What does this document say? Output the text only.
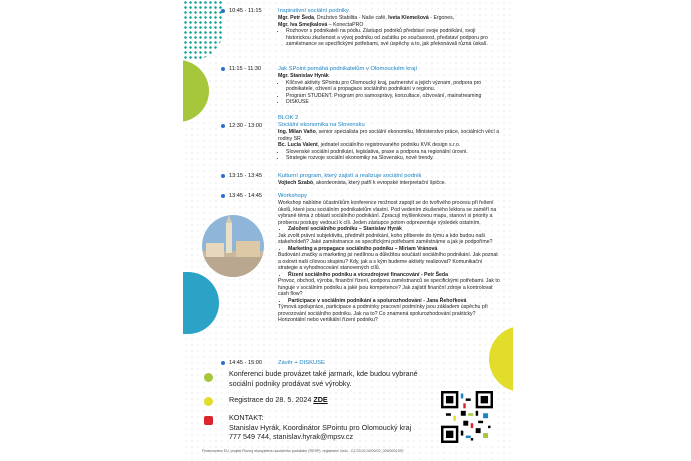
10:45 - 11:15	Inspirativní sociální podniky
Mgr. Petr Šeda, Družstvo Stabilita - Naše café, Iveta Klemešová - Ergones,
Mgr. Iva Smejkalová – KonectaPRO
• Rozhovor s podnikateli na pódiu. Zástupci podniků představí svoje podnikání, svoji historickou zkušenost a vývoj podniku od začátku po současnost, představí podporu pro zaměstnance se specifickými potřebami, své úspěchy a to, jak překonávali různá úskalí.
11:15 - 11:30	Jak SPoint pomáhá podnikatelům v Olomouckém kraji
Mgr. Stanislav Hyrák
• Klíčové aktivity SPointu pro Olomoucký kraj, partnerství a jejich význam, podpora pro podnikatele, oživení a propagace sociálního podnikání v regionu.
• Program STUDENT, Program pro samosprávy, konzultace, oživování, mainstreaming
• DISKUSE
12:30 - 13:00
BLOK 2
Sociální ekonomika na Slovensku
Ing. Milan Vaňo, senior specialista pro sociální ekonomiku, Ministerstvo práce, sociálních věcí a rodiny SR.
Bc. Lucia Valent, jednatel sociálního registrovaného podniku KVK design s.r.o.
• Slovenské sociální podnikání, legislativa, praxe a podpora na regionální úrovni.
• Strategie rozvoje sociální ekonomiky na Slovensku, nové trendy.
13:15 - 13:45	Kulturní program, který zajistí a realizuje sociální podnik
Vojtech Szabó, akordeonista, který patří k evropské interpretační špičce.
13:45 - 14:45	Workshopy
Workshop nabídne účastníkům konference možnost zapojit se do tvořivého procesu při řešení úkolů, které jsou sociálním podnikatelům vlastní. Pod vedením zkušeného lektora se zaměří na vybrané téma z oblasti sociálního podnikání. Zpracují myšlenkovou mapu, stanoví si priority a proberou postupy vedoucí k cíli. Jeden zástupce potom odprezentuje výsledek ostatním.
• Založení sociálního podniku – Stanislav Hyrák
Jak zvolit právní subjektivitu, předmět podnikání, koho přiberete do týmu a kdo budou naši stakeholdeři? Jaké zaměstnance se specifickými potřebami zaměstnáme a jak je podpoříme?
• Marketing a propagace sociálního podniku – Miriam Vránová
Budování značky a marketing jsi nedílnou a důležitou součástí sociálního podnikání. Jak poznat a oslovit naši cílovou skupinu? Kdy, jak a s kým budeme aktivity realizovat? Komunikační strategie a vyhodnocování stanovených cílů.
• Řízení sociálního podniku a vícezdrojové financování - Petr Šeda
Provoz, obchod, výroba, finanční řízení, podpora zaměstnanců se specifickými potřebami. Jak to funguje v sociálním podniku a jaké jsou kompetence? Jak zajistit finanční zdroje a kontrolovat cash flow?
• Participace v sociálním podnikání a spolurozhodování - Jana Řehořková
Týmová spolupráce, participace a podmínky pracovní podmínky jsou základem úspěchu při provozování sociálního podniku. Jak na to? Co znamená spolurozhodování prakticky? Horizontální nebo vertikální řízení podniku?
14:45 - 15:00	Závěr + DISKUSE
Konferenci bude provázet také jarmark, kde budou vybrané sociální podniky prodávat své výrobky.
Registrace do 28. 5. 2024 ZDE
KONTAKT:
Stanislav Hyrák, Koordinátor SPointu pro Olomoucký kraj
777 549 744, stanislav.hyrak@mpsv.cz
Financováno EU, projekt Rozvoj ekosystému sociálního podnikání (RESP), registrační číslo - CZ.03.02.02/00/22_004/0001397.
